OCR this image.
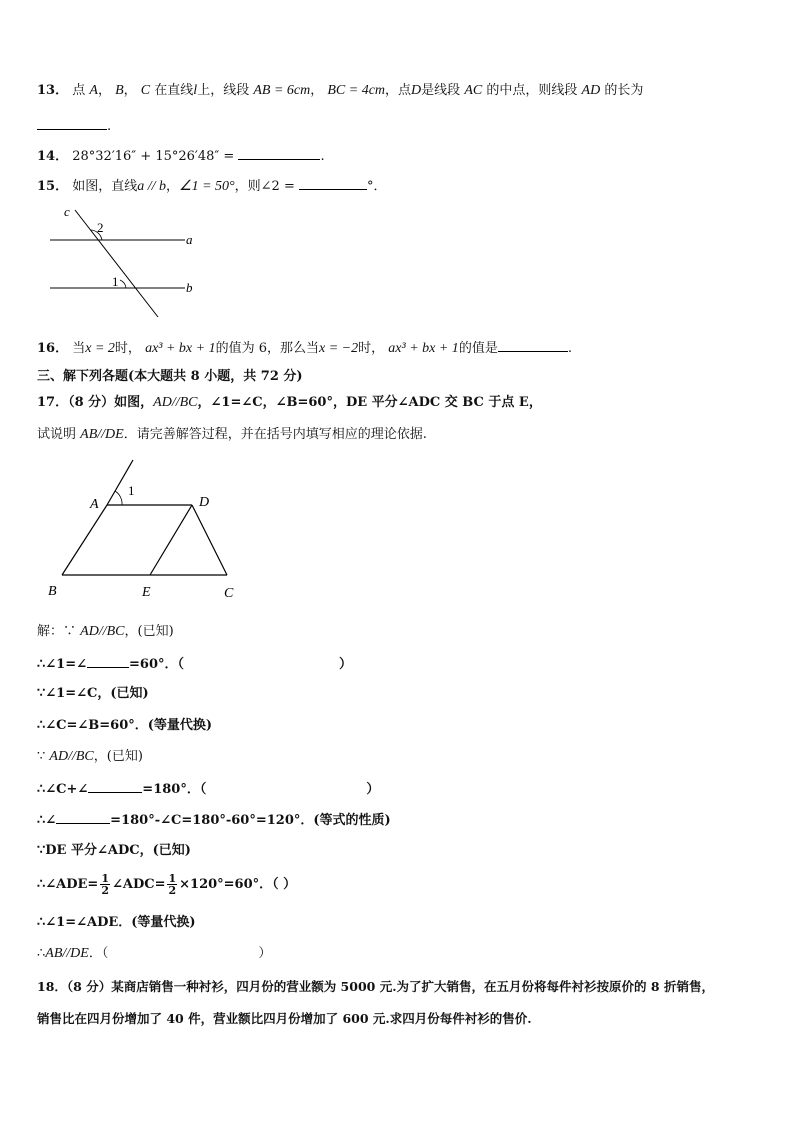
13． 点 A， B， C 在直线l上，线段 AB = 6cm， BC = 4cm，点D是线段 AC 的中点，则线段 AD 的长为
.
14． 28°32′16″ + 15°26′48″ =	.
15． 如图，直线a // b，∠1 = 50°，则∠2 =	°．
c
a
b
2
1
16． 当x = 2时， ax³ + bx + 1的值为 6，那么当x = −2时， ax³ + bx + 1的值是	.
三、解下列各题(本大题共 8 小题，共 72 分)
17．（8 分）如图，AD//BC，∠1=∠C，∠B=60°，DE 平分∠ADC 交 BC 于点 E，
试说明 AB//DE．请完善解答过程，并在括号内填写相应的理论依据.
A	D
B	E	C
1
解：∵ AD//BC，(已知)
∴∠1=∠	=60°．（	）
∵∠1=∠C，(已知)
∴∠C=∠B=60°．(等量代换)
∵ AD//BC，(已知)
∴∠C+∠	=180°．（	）
∴∠	=180°-∠C=180°-60°=120°．(等式的性质)
∵DE 平分∠ADC，(已知)
∴∠ADE= $\frac{1}{2}$ ∠ADC= $\frac{1}{2} \times 120^\circ=60^\circ$．（ ）
∴∠1=∠ADE．(等量代换)
∴AB//DE．（	）
18．（8 分）某商店销售一种衬衫，四月份的营业额为 5000 元.为了扩大销售，在五月份将每件衬衫按原价的 8 折销售，
销售比在四月份增加了 40 件，营业额比四月份增加了 600 元.求四月份每件衬衫的售价.
